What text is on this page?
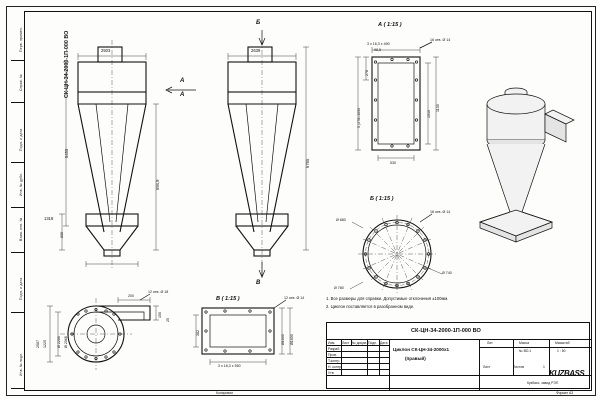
Перв. примен.
Справ. №
Подп. и дата
Инв. № дубл.
Взам. инв. №
Подп. и дата
Инв. № подл.
СК-ЦН-34-2000-1П-000 ВО	2503
5455
594,9
805
1318
А
А
2639
6765
Б
В
А ( 1:15 )
3 x 16,3 x 490
98,5
16 отв. Ø 14
278
5 (278=1050	1510
1130
530
Б ( 1:15 )
18 отв. Ø 14
Ø 680
Ø 780
Ø 740
В ( 1:15 )	12 отв. Ø 14
382
Ø1600 Ø1600
3 x 18,3 x 550
200
12 отв. Ø 18
150
25
1225
2587	Ø 2206 Ø 2068
1. Все размеры для справки. Допустимые отклонения ±100мм.
2. Циклон поставляется в разобранном виде.
СК-ЦН-34-2000-1П-000 ВО
Изм. Лист № докум. Подп. Дата
Разраб.
Пров.
Т.контр.
Н. контр.
Утв.
Циклон СК-ЦН-34-2000х1
(правый)
Лит.	Масса	Масштаб
№ ВО.1	1 : 50
Лист	Листов	1
Кузбасс, завод РЭП
KUZBASS
Формат А3
Копировал
